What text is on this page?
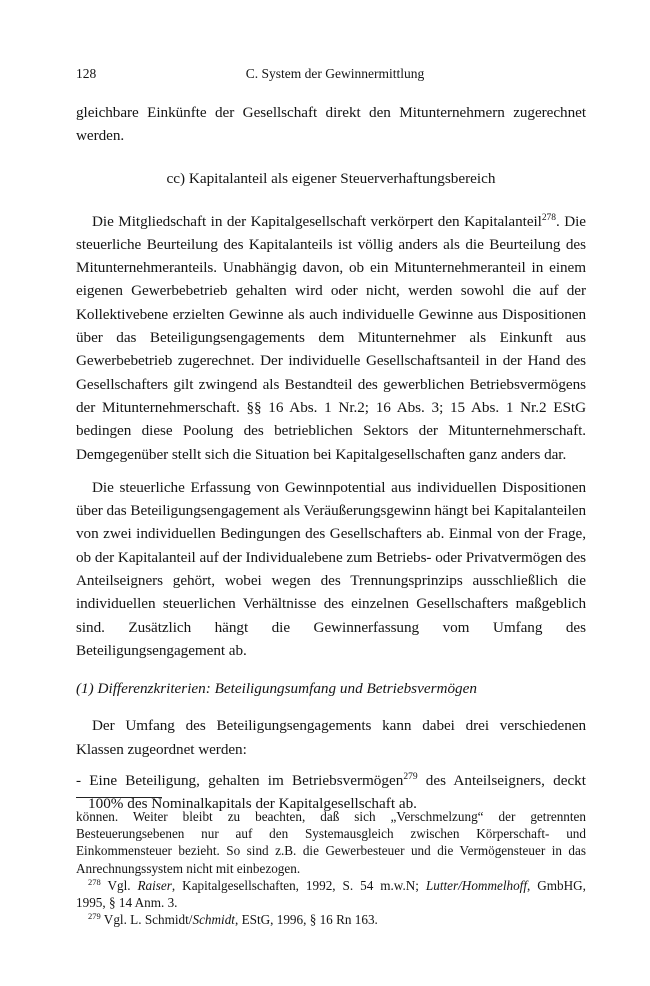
128	C. System der Gewinnermittlung

gleichbare Einkünfte der Gesellschaft direkt den Mitunternehmern zugerechnet werden.

cc) Kapitalanteil als eigener Steuerverhaftungsbereich

Die Mitgliedschaft in der Kapitalgesellschaft verkörpert den Kapitalanteil$^{278}$. Die steuerliche Beurteilung des Kapitalanteils ist völlig anders als die Beurteilung des Mitunternehmeranteils. Unabhängig davon, ob ein Mitunternehmeranteil in einem eigenen Gewerbebetrieb gehalten wird oder nicht, werden sowohl die auf der Kollektivebene erzielten Gewinne als auch individuelle Gewinne aus Dispositionen über das Beteiligungsengagements dem Mitunternehmer als Einkunft aus Gewerbebetrieb zugerechnet. Der individuelle Gesellschaftsanteil in der Hand des Gesellschafters gilt zwingend als Bestandteil des gewerblichen Betriebsvermögens der Mitunternehmerschaft. §§ 16 Abs. 1 Nr.2; 16 Abs. 3; 15 Abs. 1 Nr.2 EStG bedingen diese Poolung des betrieblichen Sektors der Mitunternehmerschaft. Demgegenüber stellt sich die Situation bei Kapitalgesellschaften ganz anders dar.

Die steuerliche Erfassung von Gewinnpotential aus individuellen Dispositionen über das Beteiligungsengagement als Veräußerungsgewinn hängt bei Kapitalanteilen von zwei individuellen Bedingungen des Gesellschafters ab. Einmal von der Frage, ob der Kapitalanteil auf der Individualebene zum Betriebs- oder Privatvermögen des Anteilseigners gehört, wobei wegen des Trennungsprinzips ausschließlich die individuellen steuerlichen Verhältnisse des einzelnen Gesellschafters maßgeblich sind. Zusätzlich hängt die Gewinnerfassung vom Umfang des Beteiligungsengagement ab.

(1) Differenzkriterien: Beteiligungsumfang und Betriebsvermögen

Der Umfang des Beteiligungsengagements kann dabei drei verschiedenen Klassen zugeordnet werden:

- Eine Beteiligung, gehalten im Betriebsvermögen$^{279}$ des Anteilseigners, deckt 100% des Nominalkapitals der Kapitalgesellschaft ab.

können. Weiter bleibt zu beachten, daß sich „Verschmelzung“ der getrennten Besteuerungsebenen nur auf den Systemausgleich zwischen Körperschaft- und Einkommensteuer bezieht. So sind z.B. die Gewerbesteuer und die Vermögensteuer in das Anrechnungssystem nicht mit einbezogen.

$^{278}$ Vgl. Raiser, Kapitalgesellschaften, 1992, S. 54 m.w.N; Lutter/Hommelhoff, GmbHG, 1995, § 14 Anm. 3.

$^{279}$ Vgl. L. Schmidt/Schmidt, EStG, 1996, § 16 Rn 163.
